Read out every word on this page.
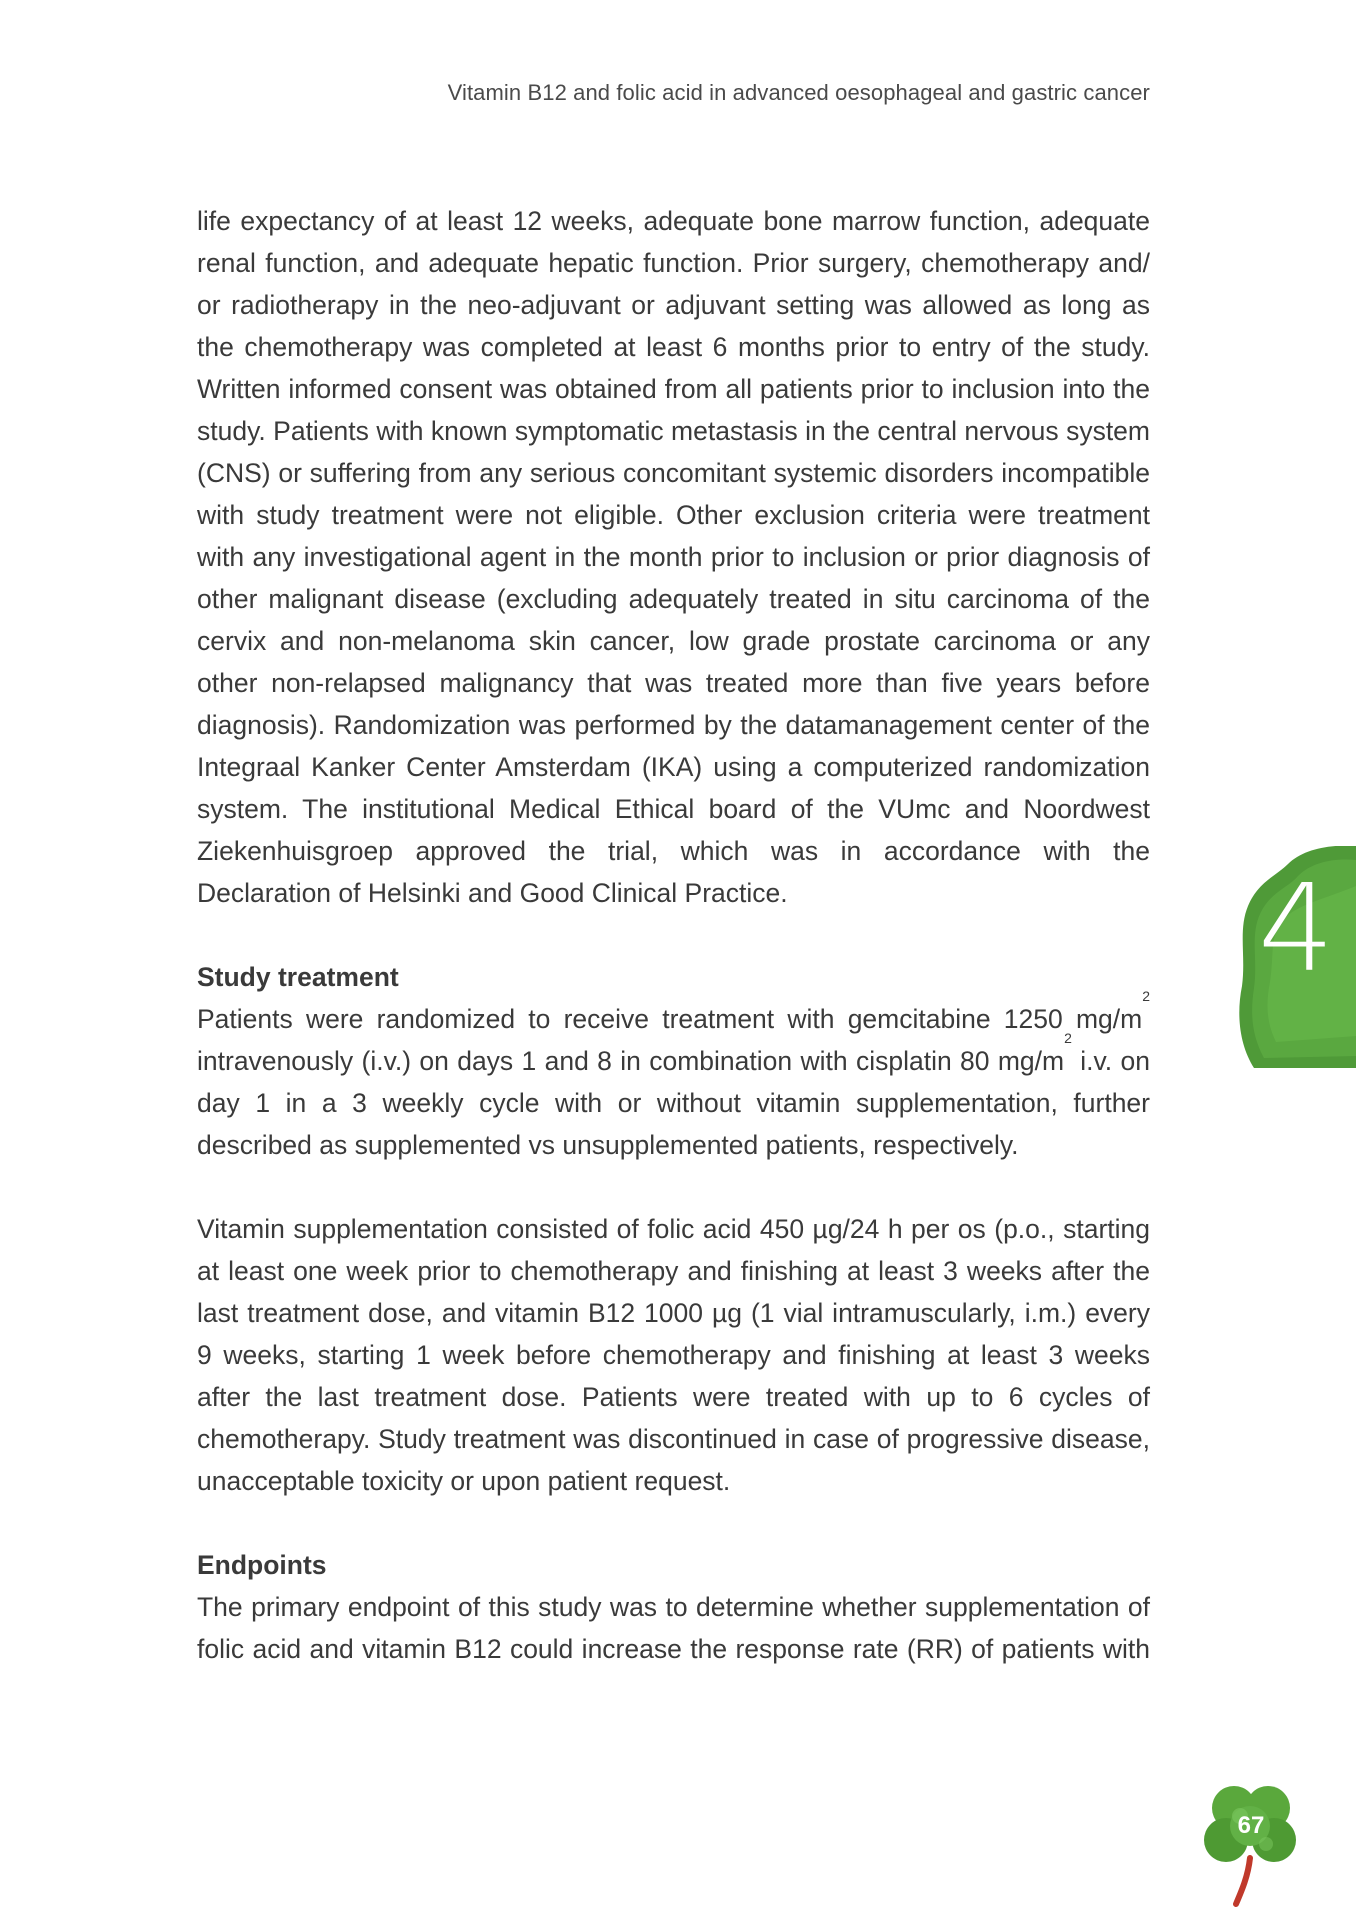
Vitamin B12 and folic acid in advanced oesophageal and gastric cancer

life expectancy of at least 12 weeks, adequate bone marrow function, adequate renal function, and adequate hepatic function. Prior surgery, chemotherapy and/ or radiotherapy in the neo-adjuvant or adjuvant setting was allowed as long as the chemotherapy was completed at least 6 months prior to entry of the study. Written informed consent was obtained from all patients prior to inclusion into the study. Patients with known symptomatic metastasis in the central nervous system (CNS) or suffering from any serious concomitant systemic disorders incompatible with study treatment were not eligible. Other exclusion criteria were treatment with any investigational agent in the month prior to inclusion or prior diagnosis of other malignant disease (excluding adequately treated in situ carcinoma of the cervix and non-melanoma skin cancer, low grade prostate carcinoma or any other non-relapsed malignancy that was treated more than five years before diagnosis). Randomization was performed by the datamanagement center of the Integraal Kanker Center Amsterdam (IKA) using a computerized randomization system. The institutional Medical Ethical board of the VUmc and Noordwest Ziekenhuisgroep approved the trial, which was in accordance with the Declaration of Helsinki and Good Clinical Practice.

Study treatment

Patients were randomized to receive treatment with gemcitabine 1250 $mg/m^2$ intravenously (i.v.) on days 1 and 8 in combination with cisplatin 80 $mg/m^2$ i.v. on day 1 in a 3 weekly cycle with or without vitamin supplementation, further described as supplemented vs unsupplemented patients, respectively.

Vitamin supplementation consisted of folic acid 450 µg/24 h per os (p.o., starting at least one week prior to chemotherapy and finishing at least 3 weeks after the last treatment dose, and vitamin B12 1000 µg (1 vial intramuscularly, i.m.) every 9 weeks, starting 1 week before chemotherapy and finishing at least 3 weeks after the last treatment dose. Patients were treated with up to 6 cycles of chemotherapy. Study treatment was discontinued in case of progressive disease, unacceptable toxicity or upon patient request.

Endpoints

The primary endpoint of this study was to determine whether supplementation of folic acid and vitamin B12 could increase the response rate (RR) of patients with

4
67
